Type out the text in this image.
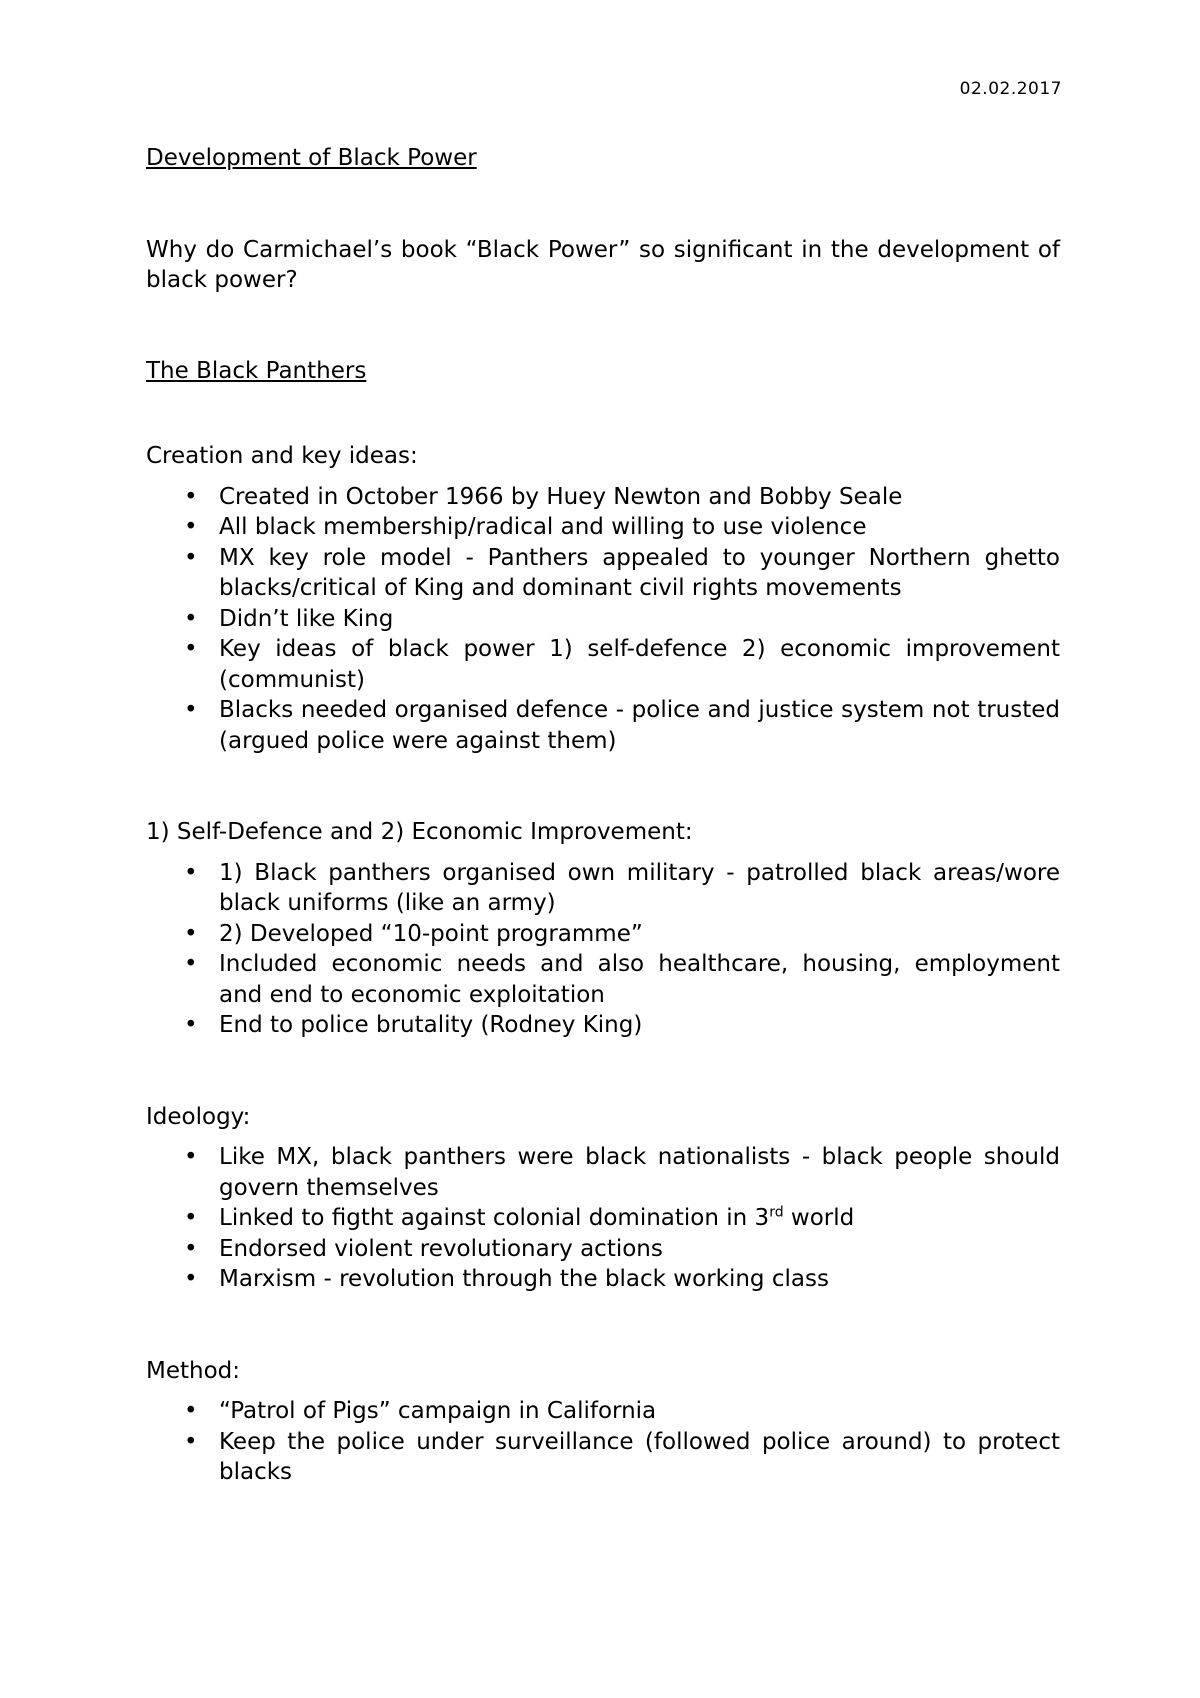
02.02.2017

Development of Black Power

Why do Carmichael’s book “Black Power” so significant in the development of black power?

The Black Panthers

Creation and key ideas:

• Created in October 1966 by Huey Newton and Bobby Seale
• All black membership/radical and willing to use violence
• MX key role model - Panthers appealed to younger Northern ghetto blacks/critical of King and dominant civil rights movements
• Didn’t like King
• Key ideas of black power 1) self-defence 2) economic improvement (communist)
• Blacks needed organised defence - police and justice system not trusted (argued police were against them)

1) Self-Defence and 2) Economic Improvement:

• 1) Black panthers organised own military - patrolled black areas/wore black uniforms (like an army)
• 2) Developed “10-point programme”
• Included economic needs and also healthcare, housing, employment and end to economic exploitation
• End to police brutality (Rodney King)

Ideology:

• Like MX, black panthers were black nationalists - black people should govern themselves
• Linked to figtht against colonial domination in 3rd world
• Endorsed violent revolutionary actions
• Marxism - revolution through the black working class

Method:

• “Patrol of Pigs” campaign in California
• Keep the police under surveillance (followed police around) to protect blacks
